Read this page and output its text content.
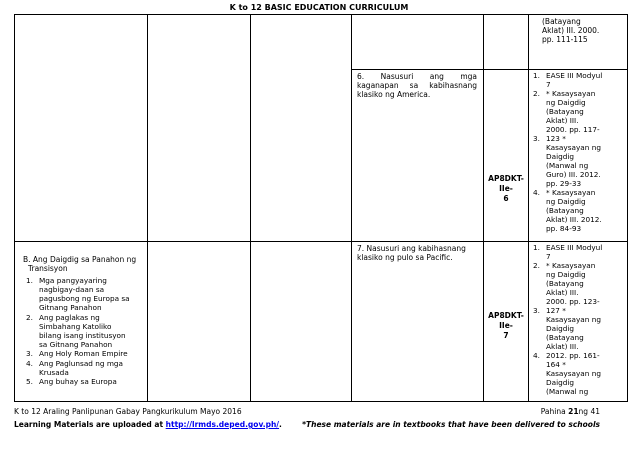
K to 12 BASIC EDUCATION CURRICULUM
(Batayang
Aklat) III. 2000.
pp. 111-115
6. Nasusuri ang mga kaganapan sa kabihasnang klasiko ng America.
AP8DKT-IIe-
6
1. EASE III Modyul
7
2. * Kasaysayan
ng Daigdig
(Batayang
Aklat) III.
2000. pp. 117-
3. 123 *
Kasaysayan ng
Daigdig
(Manwal ng
Guro) III. 2012.
pp. 29-33
4. * Kasaysayan
ng Daigdig
(Batayang
Aklat) III. 2012.
pp. 84-93
B. Ang Daigdig sa Panahon ng
Transisyon
1. Mga pangyayaring
nagbigay-daan sa
pagusbong ng Europa sa
Gitnang Panahon
2. Ang paglakas ng
Simbahang Katoliko
bilang isang institusyon
sa Gitnang Panahon
3. Ang Holy Roman Empire
4. Ang Paglunsad ng mga
Krusada
5. Ang buhay sa Europa
7. Nasusuri ang kabihasnang klasiko ng pulo sa Pacific.
AP8DKT-IIe-
7
1. EASE III Modyul
7
2. * Kasaysayan
ng Daigdig
(Batayang
Aklat) III.
2000. pp. 123-
3. 127 *
Kasaysayan ng
Daigdig
(Batayang
Aklat) III.
4. 2012. pp. 161-
164 *
Kasaysayan ng
Daigdig
(Manwal ng
K to 12 Araling Panlipunan Gabay Pangkurikulum Mayo 2016	Pahina 21ng 41
Learning Materials are uploaded at http://lrmds.deped.gov.ph/.	*These materials are in textbooks that have been delivered to schools
